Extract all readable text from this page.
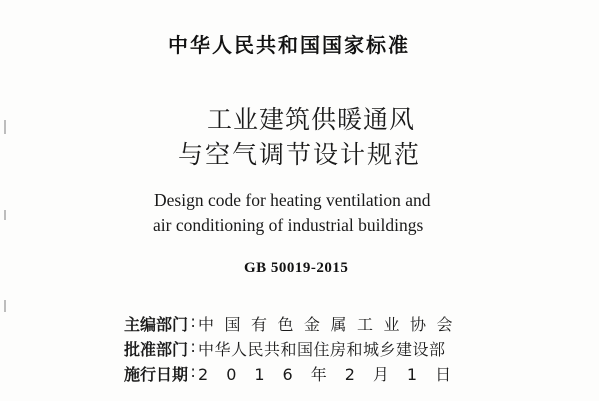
中华人民共和国国家标准
工业建筑供暖通风
与空气调节设计规范
Design code for heating ventilation and
air conditioning of industrial buildings
GB 50019-2015
主编部门 : 中国有色金属工业协会
批准部门 : 中华人民共和国住房和城乡建设部
施行日期 : 2016年2月1日
